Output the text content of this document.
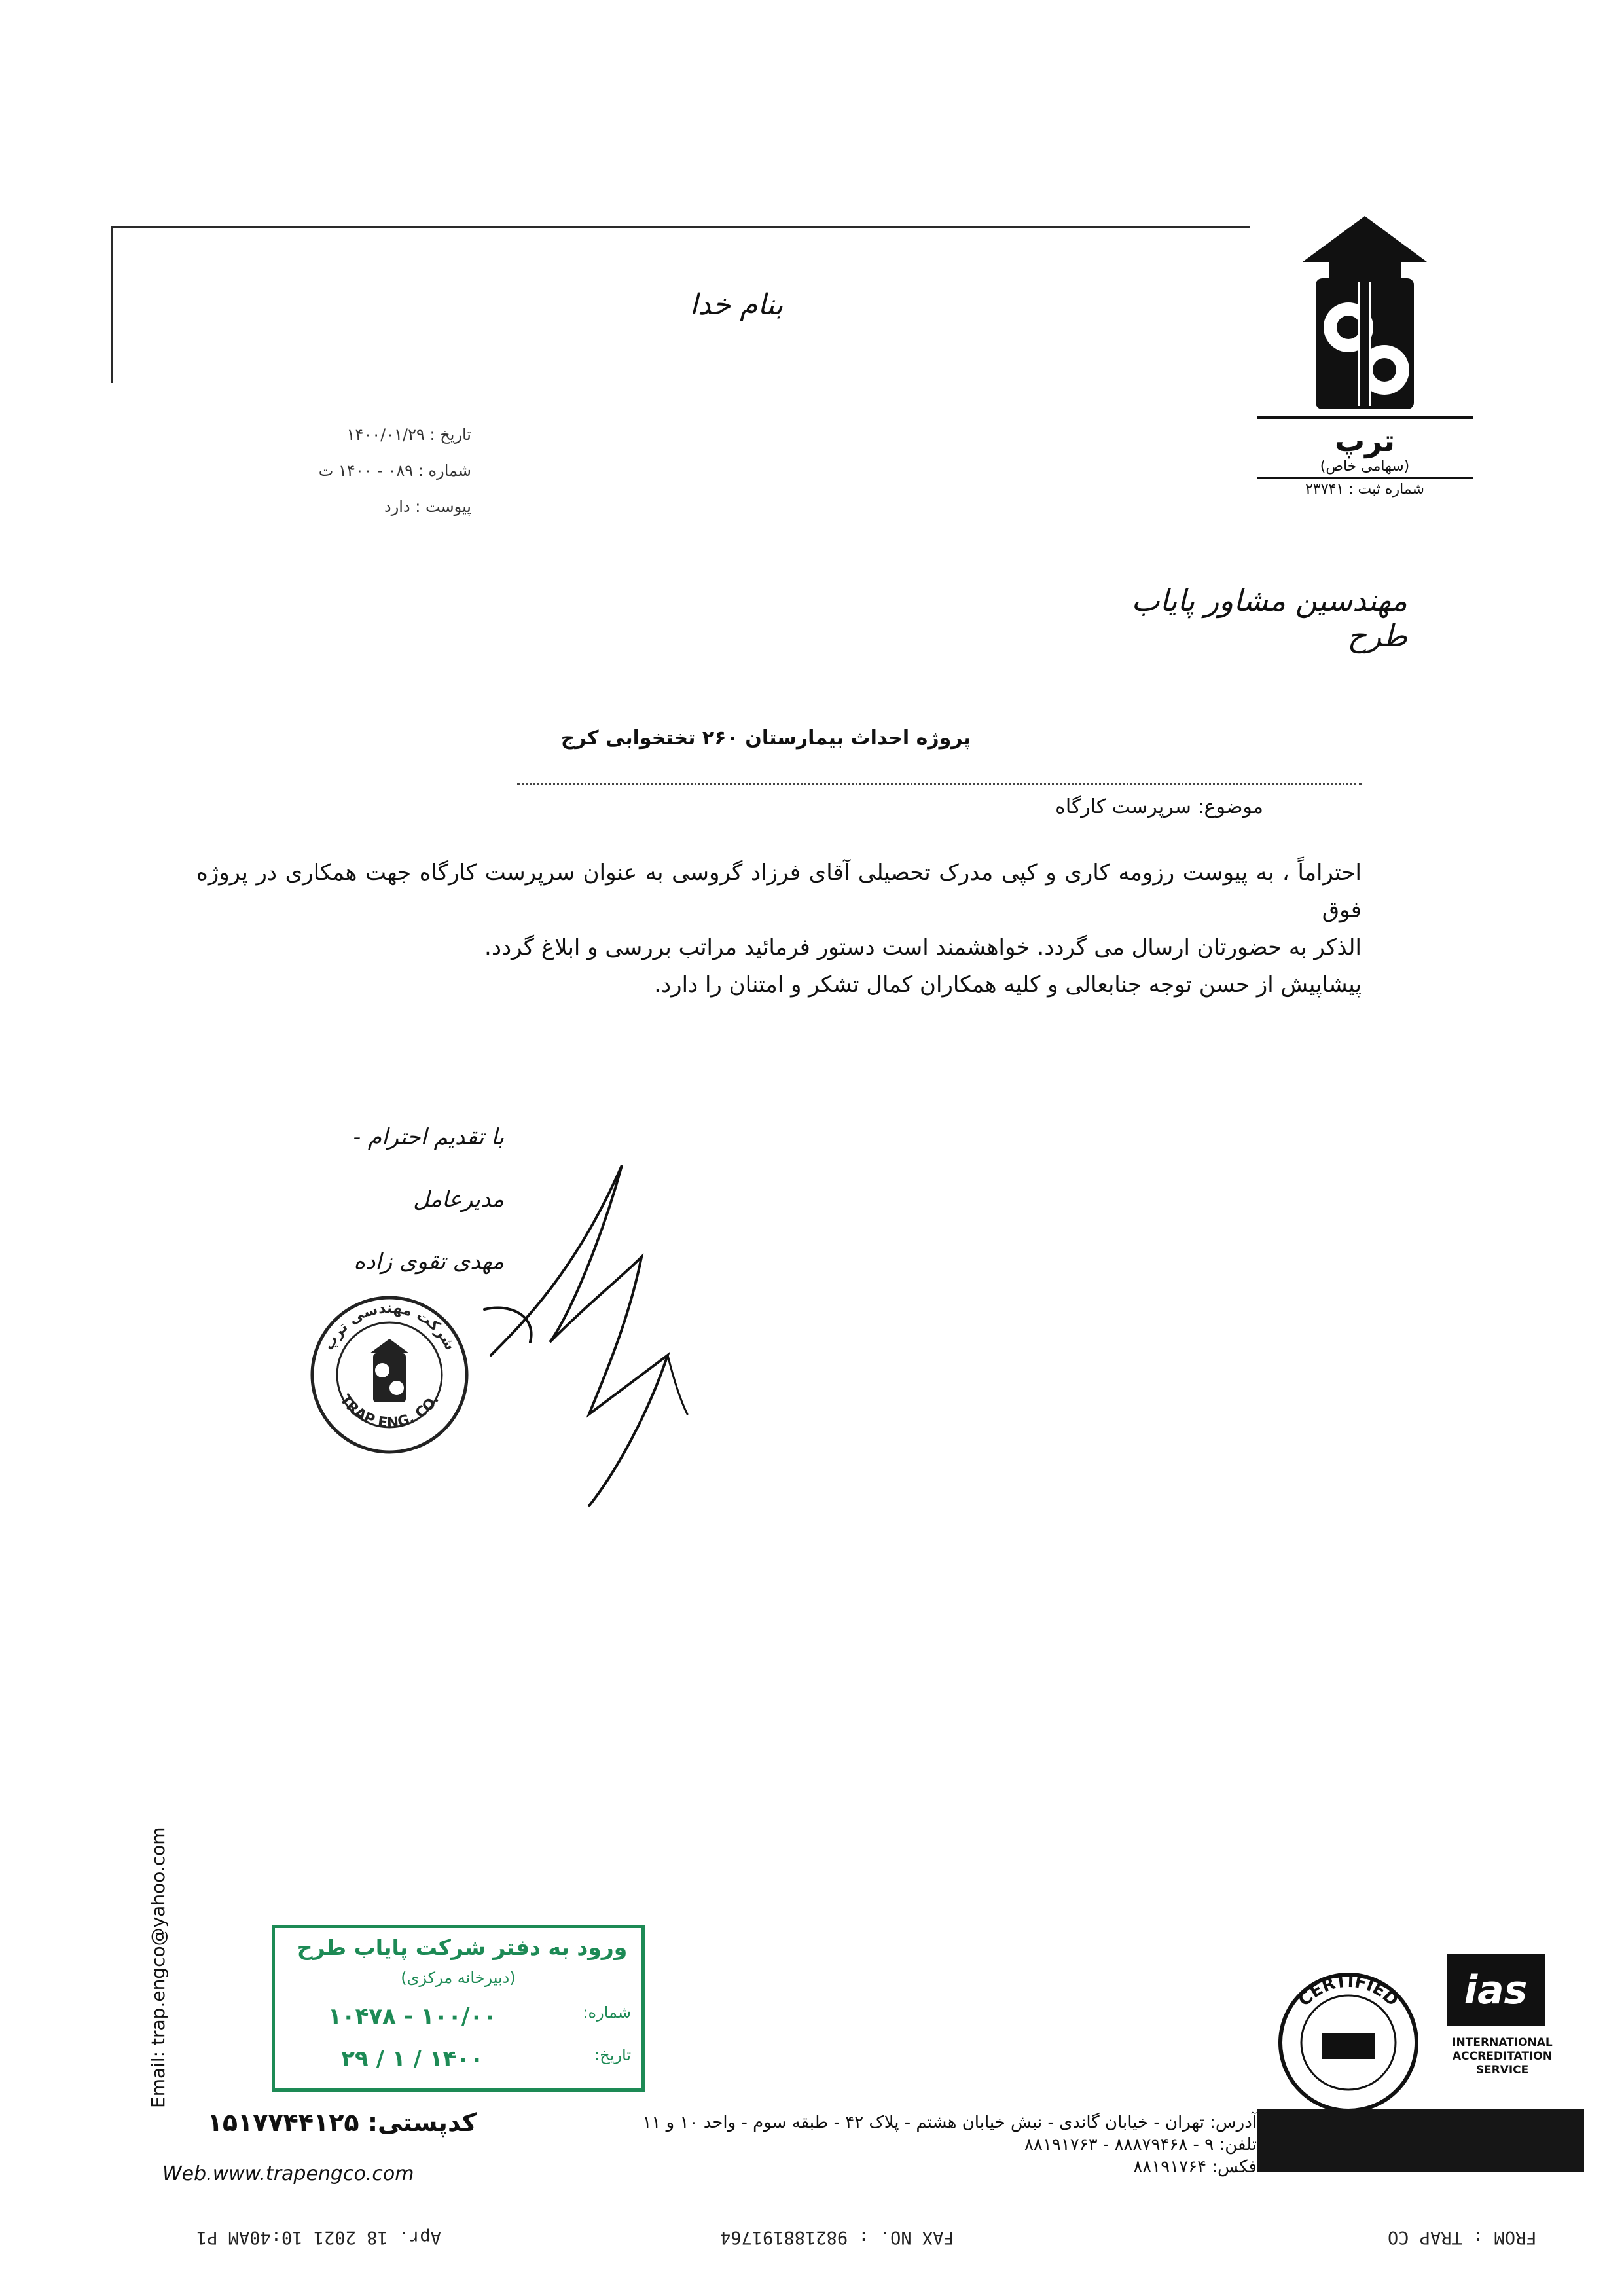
بنام خدا
تاریخ : ۱۴۰۰/۰۱/۲۹
شماره : ۰۸۹ - ۱۴۰۰ ت
پیوست : دارد
ترپ
(سهامی خاص)
شماره ثبت : ۲۳۷۴۱
مهندسین مشاور پایاب طرح
پروژه احداث بیمارستان ۲۶۰ تختخوابی کرج
موضوع: سرپرست کارگاه

احتراماً ، به پیوست رزومه کاری و کپی مدرک تحصیلی آقای فرزاد گروسی به عنوان سرپرست کارگاه جهت همکاری در پروژه فوق

الذکر به حضورتان ارسال می گردد. خواهشمند است دستور فرمائید مراتب بررسی و ابلاغ گردد.

پیشاپیش از حسن توجه جنابعالی و کلیه همکاران کمال تشکر و امتنان را دارد.

با تقدیم احترام - مدیرعامل
مهدی تقوی زاده
شرکت مهندسی ترپ
TRAP ENG. CO.
Email: trap.engco@yahoo.com	ورود به دفتر شرکت پایاب طرح
(دبیرخانه مرکزی)
شماره:
۱۰۰/۰۰ - ۱۰۴۷۸
تاریخ:
۱۴۰۰ / ۱ / ۲۹
ias
INTERNATIONAL ACCREDITATION SERVICE
CERTIFIED
آدرس: تهران - خیابان گاندی - نبش خیابان هشتم - پلاک ۴۲ - طبقه سوم - واحد ۱۰ و ۱۱
تلفن: ۹ - ۸۸۸۷۹۴۶۸ - ۸۸۱۹۱۷۶۳
فکس: ۸۸۱۹۱۷۶۴
کدپستی: ۱۵۱۷۷۴۴۱۲۵
Web.www.trapengco.com
Apr. 18 2021 10:40AM P1	FAX NO. : 982188191764	FROM : TRAP CO
